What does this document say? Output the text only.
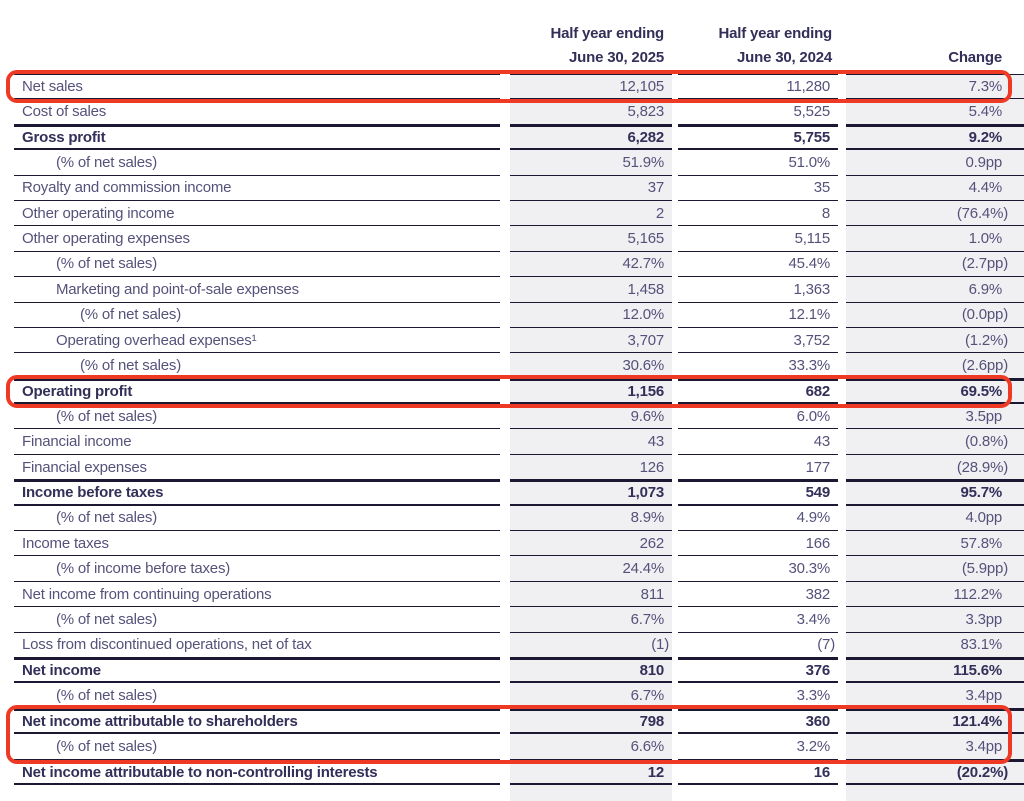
Half year ending
June 30, 2025
Half year ending
June 30, 2024	Change
Net sales	12,105	11,280	7.3%
Cost of sales	5,823	5,525	5.4%
Gross profit	6,282	5,755	9.2%
(% of net sales)	51.9%	51.0%	0.9pp
Royalty and commission income	37	35	4.4%
Other operating income	2	8	(76.4%)
Other operating expenses	5,165	5,115	1.0%
(% of net sales)	42.7%	45.4%	(2.7pp)
Marketing and point-of-sale expenses	1,458	1,363	6.9%
(% of net sales)	12.0%	12.1%	(0.0pp)
Operating overhead expenses¹	3,707	3,752	(1.2%)
(% of net sales)	30.6%	33.3%	(2.6pp)
Operating profit	1,156	682	69.5%
(% of net sales)	9.6%	6.0%	3.5pp
Financial income	43	43	(0.8%)
Financial expenses	126	177	(28.9%)
Income before taxes	1,073	549	95.7%
(% of net sales)	8.9%	4.9%	4.0pp
Income taxes	262	166	57.8%
(% of income before taxes)	24.4%	30.3%	(5.9pp)
Net income from continuing operations	811	382	112.2%
(% of net sales)	6.7%	3.4%	3.3pp
Loss from discontinued operations, net of tax	(1)	(7)	83.1%
Net income	810	376	115.6%
(% of net sales)	6.7%	3.3%	3.4pp
Net income attributable to shareholders	798	360	121.4%
(% of net sales)	6.6%	3.2%	3.4pp
Net income attributable to non-controlling interests	12	16	(20.2%)
